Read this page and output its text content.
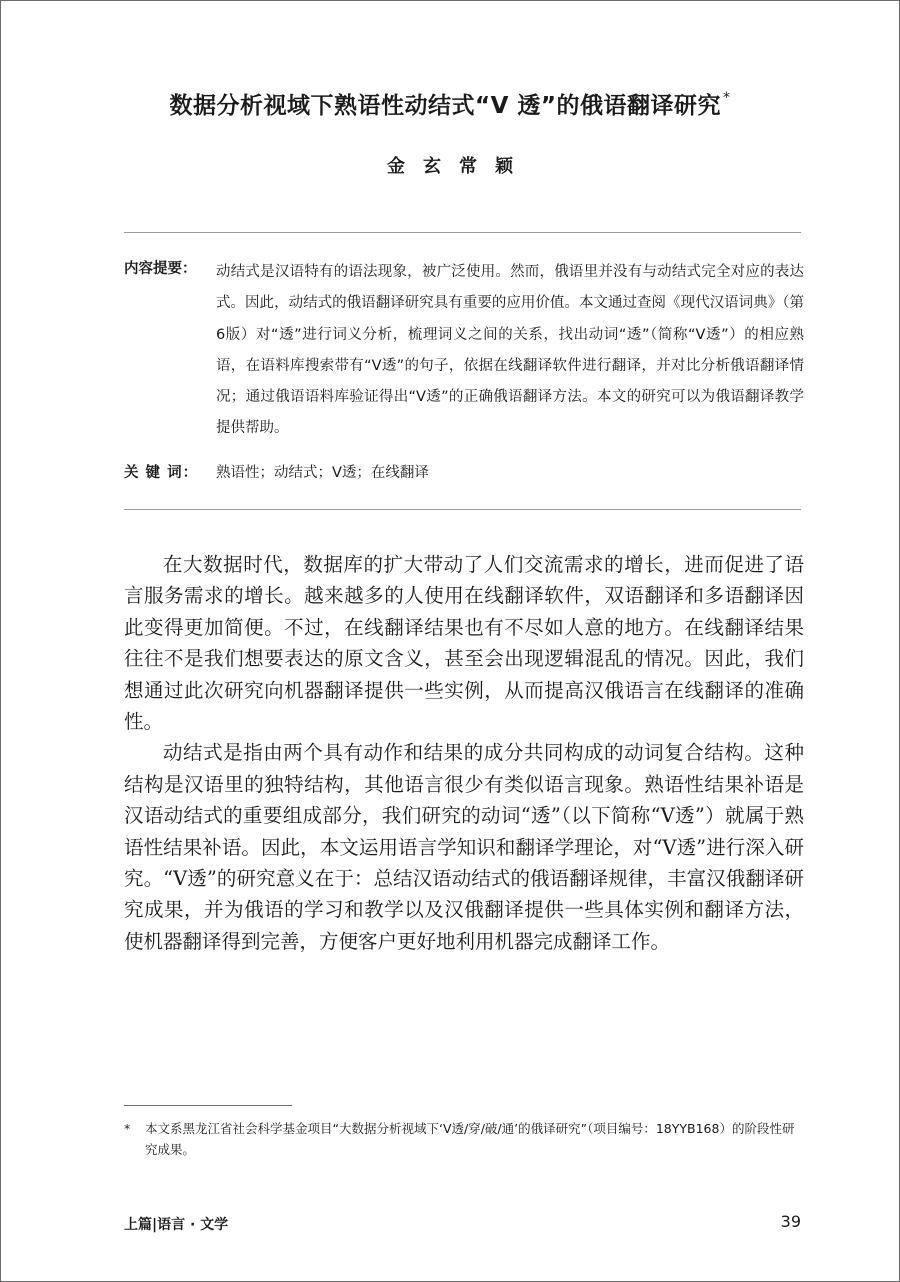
数据分析视域下熟语性动结式“V 透”的俄语翻译研究 *
金玄常颖
内容提要：	动结式是汉语特有的语法现象，被广泛使用。然而，俄语里并没有与动结式完全对应的表达式。因此，动结式的俄语翻译研究具有重要的应用价值。本文通过查阅《现代汉语词典》（第6版）对“透”进行词义分析，梳理词义之间的关系，找出动词“透”（简称“V透”）的相应熟语，在语料库搜索带有“V透”的句子，依据在线翻译软件进行翻译，并对比分析俄语翻译情况；通过俄语语料库验证得出“V透”的正确俄语翻译方法。本文的研究可以为俄语翻译教学提供帮助。
关 键 词：	熟语性；动结式；V透；在线翻译

在大数据时代，数据库的扩大带动了人们交流需求的增长，进而促进了语言服务需求的增长。越来越多的人使用在线翻译软件，双语翻译和多语翻译因此变得更加简便。不过，在线翻译结果也有不尽如人意的地方。在线翻译结果往往不是我们想要表达的原文含义，甚至会出现逻辑混乱的情况。因此，我们想通过此次研究向机器翻译提供一些实例，从而提高汉俄语言在线翻译的准确性。

动结式是指由两个具有动作和结果的成分共同构成的动词复合结构。这种结构是汉语里的独特结构，其他语言很少有类似语言现象。熟语性结果补语是汉语动结式的重要组成部分，我们研究的动词“透”（以下简称“V透”）就属于熟语性结果补语。因此，本文运用语言学知识和翻译学理论，对“V透”进行深入研究。“V透”的研究意义在于：总结汉语动结式的俄语翻译规律，丰富汉俄翻译研究成果，并为俄语的学习和教学以及汉俄翻译提供一些具体实例和翻译方法，使机器翻译得到完善，方便客户更好地利用机器完成翻译工作。

* 本文系黑龙江省社会科学基金项目“大数据分析视域下‘V透/穿/破/通’的俄译研究”（项目编号：18YYB168）的阶段性研究成果。
上篇|语言 · 文学	39
